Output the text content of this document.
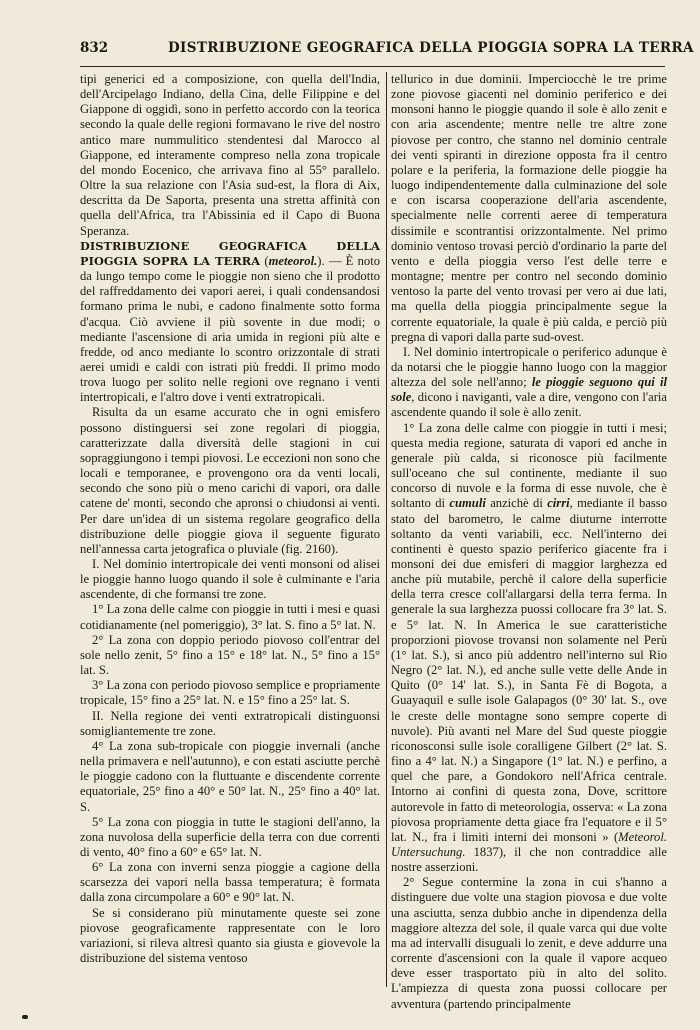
832	DISTRIBUZIONE GEOGRAFICA DELLA PIOGGIA SOPRA LA TERRA

tipi generici ed a composizione, con quella dell'India, dell'Arcipelago Indiano, della Cina, delle Filippine e del Giappone di oggidì, sono in perfetto accordo con la teorica secondo la quale delle regioni formavano le rive del nostro antico mare nummulitico stendentesi dal Marocco al Giappone, ed interamente compreso nella zona tropicale del mondo Eocenico, che arrivava fino al 55° parallelo. Oltre la sua relazione con l'Asia sud-est, la flora di Aix, descritta da De Saporta, presenta una stretta affinità con quella dell'Africa, tra l'Abissinia ed il Capo di Buona Speranza.

DISTRIBUZIONE GEOGRAFICA DELLA PIOGGIA SOPRA LA TERRA (meteorol.). — È noto da lungo tempo come le pioggie non sieno che il prodotto del raffreddamento dei vapori aerei, i quali condensandosi formano prima le nubi, e cadono finalmente sotto forma d'acqua. Ciò avviene il più sovente in due modi; o mediante l'ascensione di aria umida in regioni più alte e fredde, od anco mediante lo scontro orizzontale di strati aerei umidi e caldi con istrati più freddi. Il primo modo trova luogo per solito nelle regioni ove regnano i venti intertropicali, e l'altro dove i venti extratropicali.

Risulta da un esame accurato che in ogni emisfero possono distinguersi sei zone regolari di pioggia, caratterizzate dalla diversità delle stagioni in cui sopraggiungono i tempi piovosi. Le eccezioni non sono che locali e temporanee, e provengono ora da venti locali, secondo che sono più o meno carichi di vapori, ora dalle catene de' monti, secondo che apronsi o chiudonsi ai venti. Per dare un'idea di un sistema regolare geografico della distribuzione delle pioggie giova il seguente figurato nell'annessa carta jetografica o pluviale (fig. 2160).

I. Nel dominio intertropicale dei venti monsoni od alisei le pioggie hanno luogo quando il sole è culminante e l'aria ascendente, di che formansi tre zone.

1° La zona delle calme con pioggie in tutti i mesi e quasi cotidianamente (nel pomeriggio), 3° lat. S. fino a 5° lat. N.

2° La zona con doppio periodo piovoso coll'entrar del sole nello zenit, 5° fino a 15° e 18° lat. N., 5° fino a 15° lat. S.

3° La zona con periodo piovoso semplice e propriamente tropicale, 15° fino a 25° lat. N. e 15° fino a 25° lat. S.

II. Nella regione dei venti extratropicali distinguonsi somigliantemente tre zone.

4° La zona sub-tropicale con pioggie invernali (anche nella primavera e nell'autunno), e con estati asciutte perchè le pioggie cadono con la fluttuante e discendente corrente equatoriale, 25° fino a 40° e 50° lat. N., 25° fino a 40° lat. S.

5° La zona con pioggia in tutte le stagioni dell'anno, la zona nuvolosa della superficie della terra con due correnti di vento, 40° fino a 60° e 65° lat. N.

6° La zona con inverni senza pioggie a cagione della scarsezza dei vapori nella bassa temperatura; è formata dalla zona circumpolare a 60° e 90° lat. N.

Se si considerano più minutamente queste sei zone piovose geograficamente rappresentate con le loro variazioni, si rileva altresì quanto sia giusta e giovevole la distribuzione del sistema ventoso

tellurico in due dominii. Imperciocchè le tre prime zone piovose giacenti nel dominio periferico e dei monsoni hanno le pioggie quando il sole è allo zenit e con aria ascendente; mentre nelle tre altre zone piovose per contro, che stanno nel dominio centrale dei venti spiranti in direzione opposta fra il centro polare e la periferia, la formazione delle pioggie ha luogo indipendentemente dalla culminazione del sole e con iscarsa cooperazione dell'aria ascendente, specialmente nelle correnti aeree di temperatura dissimile e scontrantisi orizzontalmente. Nel primo dominio ventoso trovasi perciò d'ordinario la parte del vento e della pioggia verso l'est delle terre e montagne; mentre per contro nel secondo dominio ventoso la parte del vento trovasi per vero ai due lati, ma quella della pioggia principalmente segue la corrente equatoriale, la quale è più calda, e perciò più pregna di vapori dalla parte sud-ovest.

I. Nel dominio intertropicale o periferico adunque è da notarsi che le pioggie hanno luogo con la maggior altezza del sole nell'anno; le pioggie seguono qui il sole, dicono i naviganti, vale a dire, vengono con l'aria ascendente quando il sole è allo zenit.

1° La zona delle calme con pioggie in tutti i mesi; questa media regione, saturata di vapori ed anche in generale più calda, si riconosce più facilmente sull'oceano che sul continente, mediante il suo concorso di nuvole e la forma di esse nuvole, che è soltanto di cumuli anzichè di cirri, mediante il basso stato del barometro, le calme diuturne interrotte soltanto da venti variabili, ecc. Nell'interno dei continenti è questo spazio periferico giacente fra i monsoni dei due emisferi di maggior larghezza ed anche più mutabile, perchè il calore della superficie della terra cresce coll'allargarsi della terra ferma. In generale la sua larghezza puossi collocare fra 3° lat. S. e 5° lat. N. In America le sue caratteristiche proporzioni piovose trovansi non solamente nel Perù (1° lat. S.), si anco più addentro nell'interno sul Rio Negro (2° lat. N.), ed anche sulle vette delle Ande in Quito (0° 14' lat. S.), in Santa Fè di Bogota, a Guayaquil e sulle isole Galapagos (0° 30' lat. S., ove le creste delle montagne sono sempre coperte di nuvole). Più avanti nel Mare del Sud queste pioggie riconosconsi sulle isole coralligene Gilbert (2° lat. S. fino a 4° lat. N.) a Singapore (1° lat. N.) e perfino, a quel che pare, a Gondokoro nell'Africa centrale. Intorno ai confini di questa zona, Dove, scrittore autorevole in fatto di meteorologia, osserva: « La zona piovosa propriamente detta giace fra l'equatore e il 5° lat. N., fra i limiti interni dei monsoni » (Meteorol. Untersuchung. 1837), il che non contraddice alle nostre asserzioni.

2° Segue contermine la zona in cui s'hanno a distinguere due volte una stagion piovosa e due volte una asciutta, senza dubbio anche in dipendenza della maggiore altezza del sole, il quale varca qui due volte ma ad intervalli disuguali lo zenit, e deve addurre una corrente d'ascensioni con la quale il vapore acqueo deve esser trasportato più in alto del solito. L'ampiezza di questa zona puossi collocare per avventura (partendo principalmente
